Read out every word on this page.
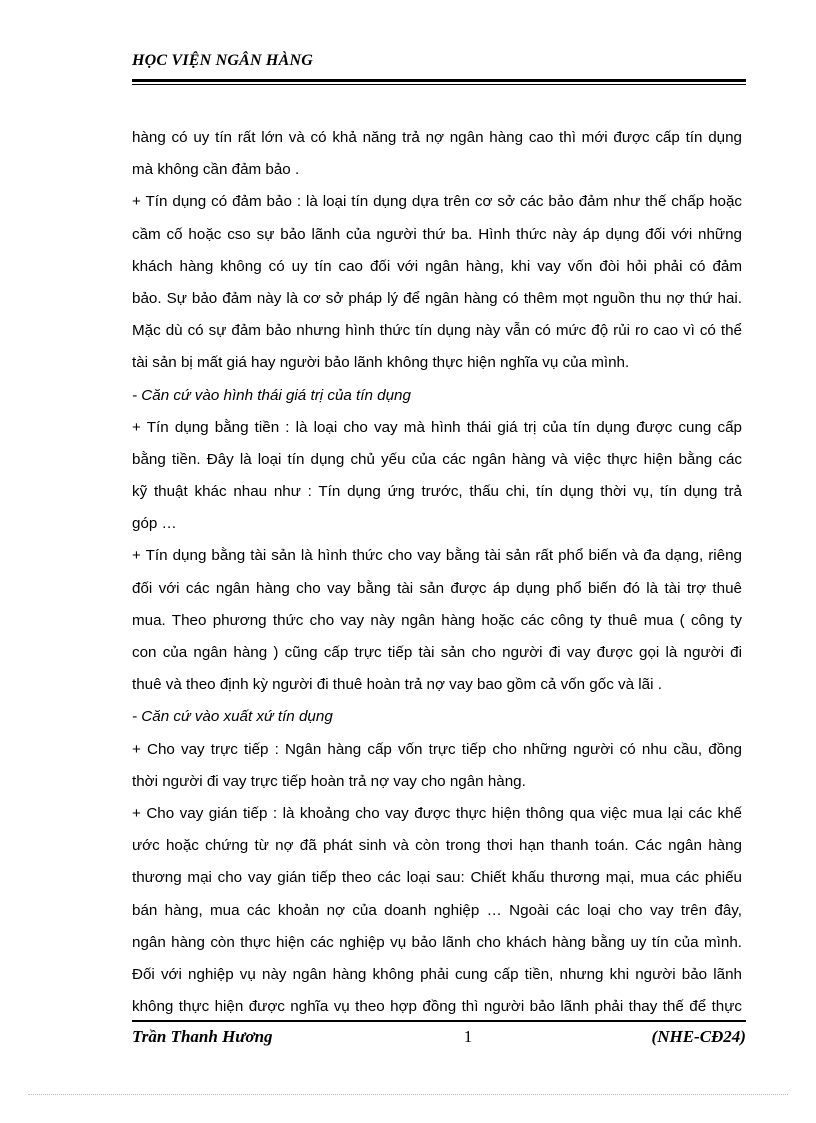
HỌC VIỆN NGÂN HÀNG

hàng có uy tín rất lớn và có khả năng trả nợ ngân hàng cao thì mới được cấp tín dụng
mà không cần đảm bảo .
+ Tín dụng có đảm bảo : là loại tín dụng dựa trên cơ sở các bảo đảm như thế chấp hoặc
cầm cố hoặc cso sự bảo lãnh của người thứ ba. Hình thức này áp dụng đối với những
khách hàng không có uy tín cao đối với ngân hàng, khi vay vốn đòi hỏi phải có đảm
bảo. Sự bảo đảm này là cơ sở pháp lý để ngân hàng có thêm mọt nguồn thu nợ thứ hai.
Mặc dù có sự đảm bảo nhưng hình thức tín dụng này vẫn có mức độ rủi ro cao vì có thể
tài sản bị mất giá hay người bảo lãnh không thực hiện nghĩa vụ của mình.
- Căn cứ vào hình thái giá trị của tín dụng
+ Tín dụng bằng tiền : là loại cho vay mà hình thái giá trị của tín dụng được cung cấp
bằng tiền. Đây là loại tín dụng chủ yếu của các ngân hàng và việc thực hiện bằng các
kỹ thuật khác nhau như : Tín dụng ứng trước, thấu chi, tín dụng thời vụ, tín dụng trả
góp …
+ Tín dụng bằng tài sản là hình thức cho vay bằng tài sản rất phổ biến và đa dạng, riêng
đối với các ngân hàng cho vay bằng tài sản được áp dụng phổ biến đó là tài trợ thuê
mua. Theo phương thức cho vay này ngân hàng hoặc các công ty thuê mua ( công ty
con của ngân hàng ) cũng cấp trực tiếp tài sản cho người đi vay được gọi là người đi
thuê và theo định kỳ người đi thuê hoàn trả nợ vay bao gồm cả vốn gốc và lãi .
- Căn cứ vào xuất xứ tín dụng
+ Cho vay trực tiếp : Ngân hàng cấp vốn trực tiếp cho những người có nhu cầu, đồng
thời người đi vay trực tiếp hoàn trả nợ vay cho ngân hàng.
+ Cho vay gián tiếp : là khoảng cho vay được thực hiện thông qua việc mua lại các khế
ước hoặc chứng từ nợ đã phát sinh và còn trong thơi hạn thanh toán. Các ngân hàng
thương mại cho vay gián tiếp theo các loại sau: Chiết khấu thương mại, mua các phiếu
bán hàng, mua các khoản nợ của doanh nghiệp … Ngoài các loại cho vay trên đây,
ngân hàng còn thực hiện các nghiệp vụ bảo lãnh cho khách hàng bằng uy tín của mình.
Đối với nghiệp vụ này ngân hàng không phải cung cấp tiền, nhưng khi người bảo lãnh
không thực hiện được nghĩa vụ theo hợp đồng thì người bảo lãnh phải thay thế để thực
Trần Thanh Hương	1	(NHE-CĐ24)
